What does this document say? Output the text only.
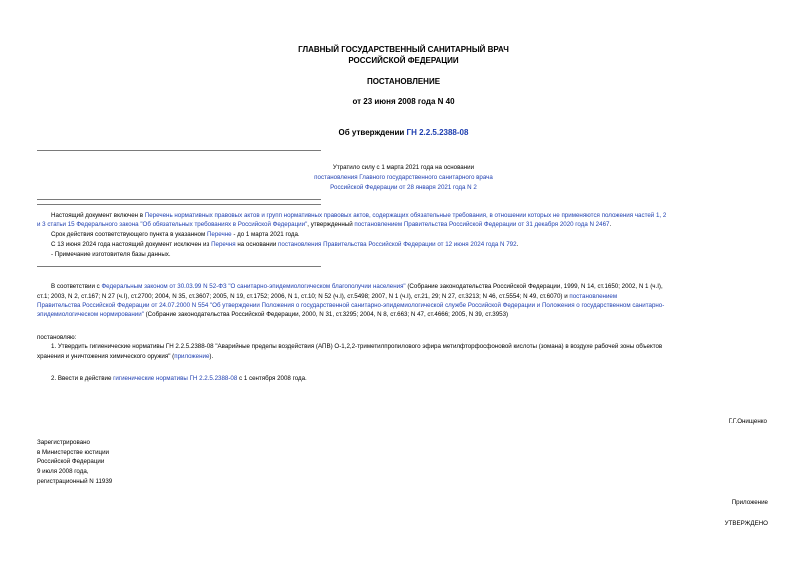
ГЛАВНЫЙ ГОСУДАРСТВЕННЫЙ САНИТАРНЫЙ ВРАЧ
РОССИЙСКОЙ ФЕДЕРАЦИИ
ПОСТАНОВЛЕНИЕ
от 23 июня 2008 года N 40
Об утверждении ГН 2.2.5.2388-08
Утратило силу с 1 марта 2021 года на основании
постановления Главного государственного санитарного врача
Российской Федерации от 28 января 2021 года N 2
Настоящий документ включен в Перечень нормативных правовых актов и групп нормативных правовых актов, содержащих обязательные требования, в отношении которых не применяются положения частей 1, 2
и 3 статьи 15 Федерального закона "Об обязательных требованиях в Российской Федерации", утвержденный постановлением Правительства Российской Федерации от 31 декабря 2020 года N 2467.
Срок действия соответствующего пункта в указанном Перечне - до 1 марта 2021 года.
С 13 июня 2024 года настоящий документ исключен из Перечня на основании постановления Правительства Российской Федерации от 12 июня 2024 года N 792.
- Примечание изготовителя базы данных.
В соответствии с Федеральным законом от 30.03.99 N 52-ФЗ "О санитарно-эпидемиологическом благополучии населения" (Собрание законодательства Российской Федерации, 1999, N 14, ст.1650; 2002, N 1 (ч.I),
ст.1; 2003, N 2, ст.167; N 27 (ч.I), ст.2700; 2004, N 35, ст.3607; 2005, N 19, ст.1752; 2006, N 1, ст.10; N 52 (ч.I), ст.5498; 2007, N 1 (ч.I), ст.21, 29; N 27, ст.3213; N 46, ст.5554; N 49, ст.6070) и постановлением
Правительства Российской Федерации от 24.07.2000 N 554 "Об утверждении Положения о государственной санитарно-эпидемиологической службе Российской Федерации и Положения о государственном санитарно-
эпидемиологическом нормировании" (Собрание законодательства Российской Федерации, 2000, N 31, ст.3295; 2004, N 8, ст.663; N 47, ст.4666; 2005, N 39, ст.3953)
постановляю:
1. Утвердить гигиенические нормативы ГН 2.2.5.2388-08 "Аварийные пределы воздействия (АПВ) О-1,2,2-триметилпропилового эфира метилфторфосфоновой кислоты (зомана) в воздухе рабочей зоны объектов
хранения и уничтожения химического оружия" (приложение).
2. Ввести в действие гигиенические нормативы ГН 2.2.5.2388-08 с 1 сентября 2008 года.
Г.Г.Онищенко
Зарегистрировано
в Министерстве юстиции
Российской Федерации
9 июля 2008 года,
регистрационный N 11939
Приложение
УТВЕРЖДЕНО
